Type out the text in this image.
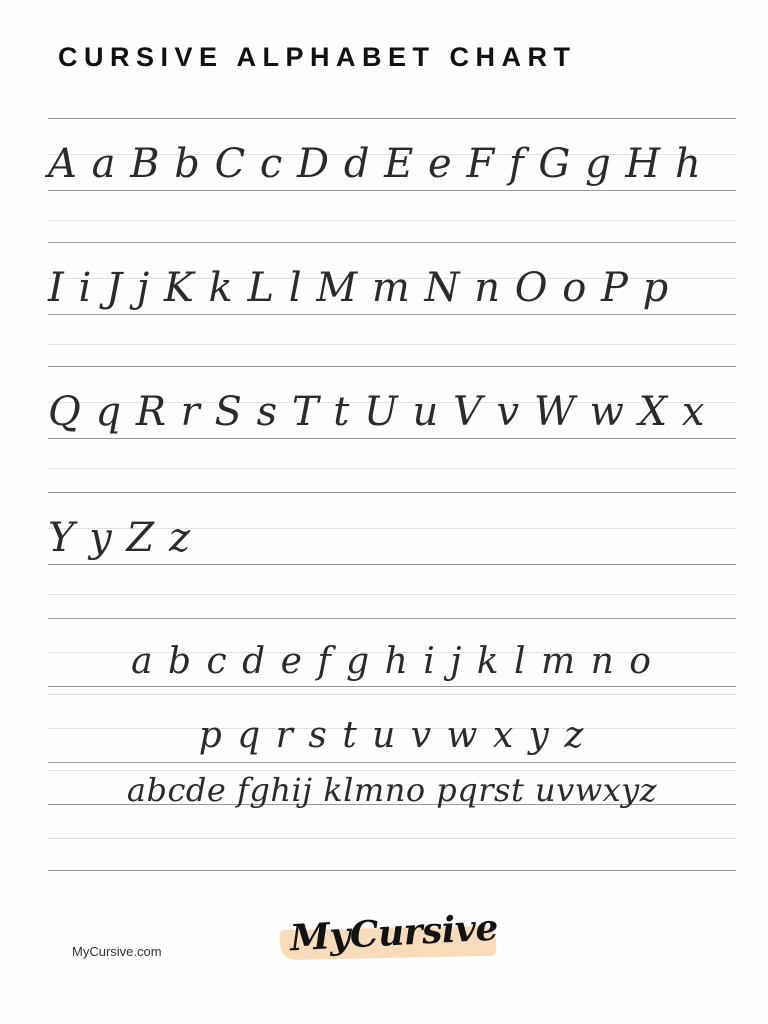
CURSIVE ALPHABET CHART
A a B b C c D d E e F f G g H h
I i J j K k L l M m N n O o P p
Q q R r S s T t U u V v W w X x
Y y Z z
a b c d e f g h i j k l m n o
p q r s t u v w x y z
abcde fghij klmno pqrst uvwxyz
MyCursive.com	MyCursive
